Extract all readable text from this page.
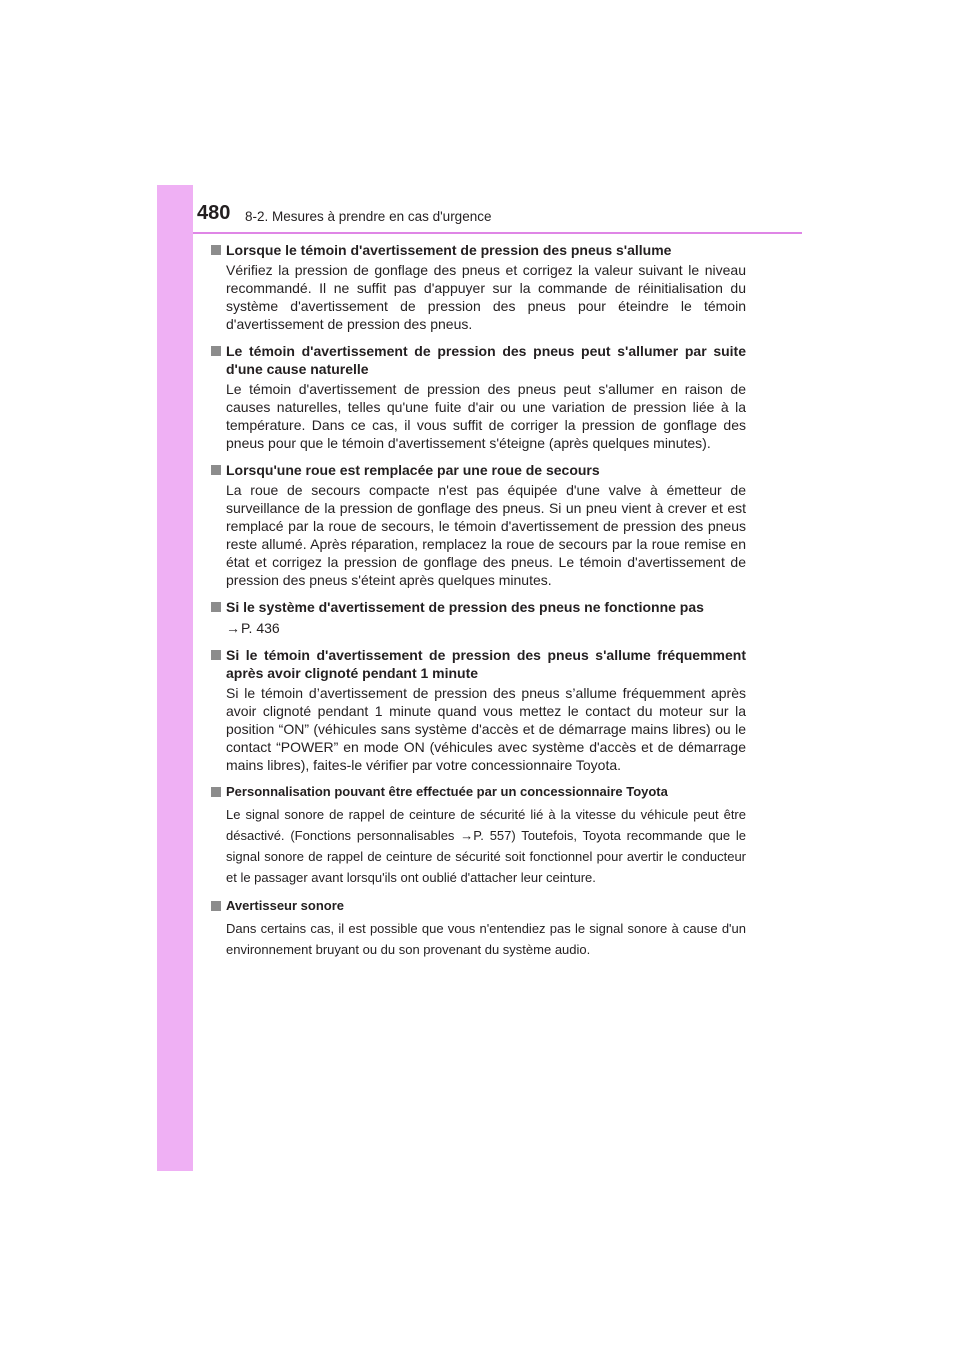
480 8-2. Mesures à prendre en cas d'urgence
Lorsque le témoin d'avertissement de pression des pneus s'allume
Vérifiez la pression de gonflage des pneus et corrigez la valeur suivant le niveau recommandé. Il ne suffit pas d'appuyer sur la commande de réinitialisation du système d'avertissement de pression des pneus pour éteindre le témoin d'avertissement de pression des pneus.
Le témoin d'avertissement de pression des pneus peut s'allumer par suite d'une cause naturelle
Le témoin d'avertissement de pression des pneus peut s'allumer en raison de causes naturelles, telles qu'une fuite d'air ou une variation de pression liée à la température. Dans ce cas, il vous suffit de corriger la pression de gonflage des pneus pour que le témoin d'avertissement s'éteigne (après quelques minutes).
Lorsqu'une roue est remplacée par une roue de secours
La roue de secours compacte n'est pas équipée d'une valve à émetteur de surveillance de la pression de gonflage des pneus. Si un pneu vient à crever et est remplacé par la roue de secours, le témoin d'avertissement de pression des pneus reste allumé. Après réparation, remplacez la roue de secours par la roue remise en état et corrigez la pression de gonflage des pneus. Le témoin d'avertissement de pression des pneus s'éteint après quelques minutes.
Si le système d'avertissement de pression des pneus ne fonctionne pas
→P. 436
Si le témoin d'avertissement de pression des pneus s'allume fréquemment après avoir clignoté pendant 1 minute
Si le témoin d’avertissement de pression des pneus s’allume fréquemment après avoir clignoté pendant 1 minute quand vous mettez le contact du moteur sur la position “ON” (véhicules sans système d'accès et de démarrage mains libres) ou le contact “POWER” en mode ON (véhicules avec système d'accès et de démarrage mains libres), faites-le vérifier par votre concessionnaire Toyota.
Personnalisation pouvant être effectuée par un concessionnaire Toyota
Le signal sonore de rappel de ceinture de sécurité lié à la vitesse du véhicule peut être désactivé. (Fonctions personnalisables →P. 557) Toutefois, Toyota recommande que le signal sonore de rappel de ceinture de sécurité soit fonctionnel pour avertir le conducteur et le passager avant lorsqu'ils ont oublié d'attacher leur ceinture.
Avertisseur sonore
Dans certains cas, il est possible que vous n'entendiez pas le signal sonore à cause d'un environnement bruyant ou du son provenant du système audio.
